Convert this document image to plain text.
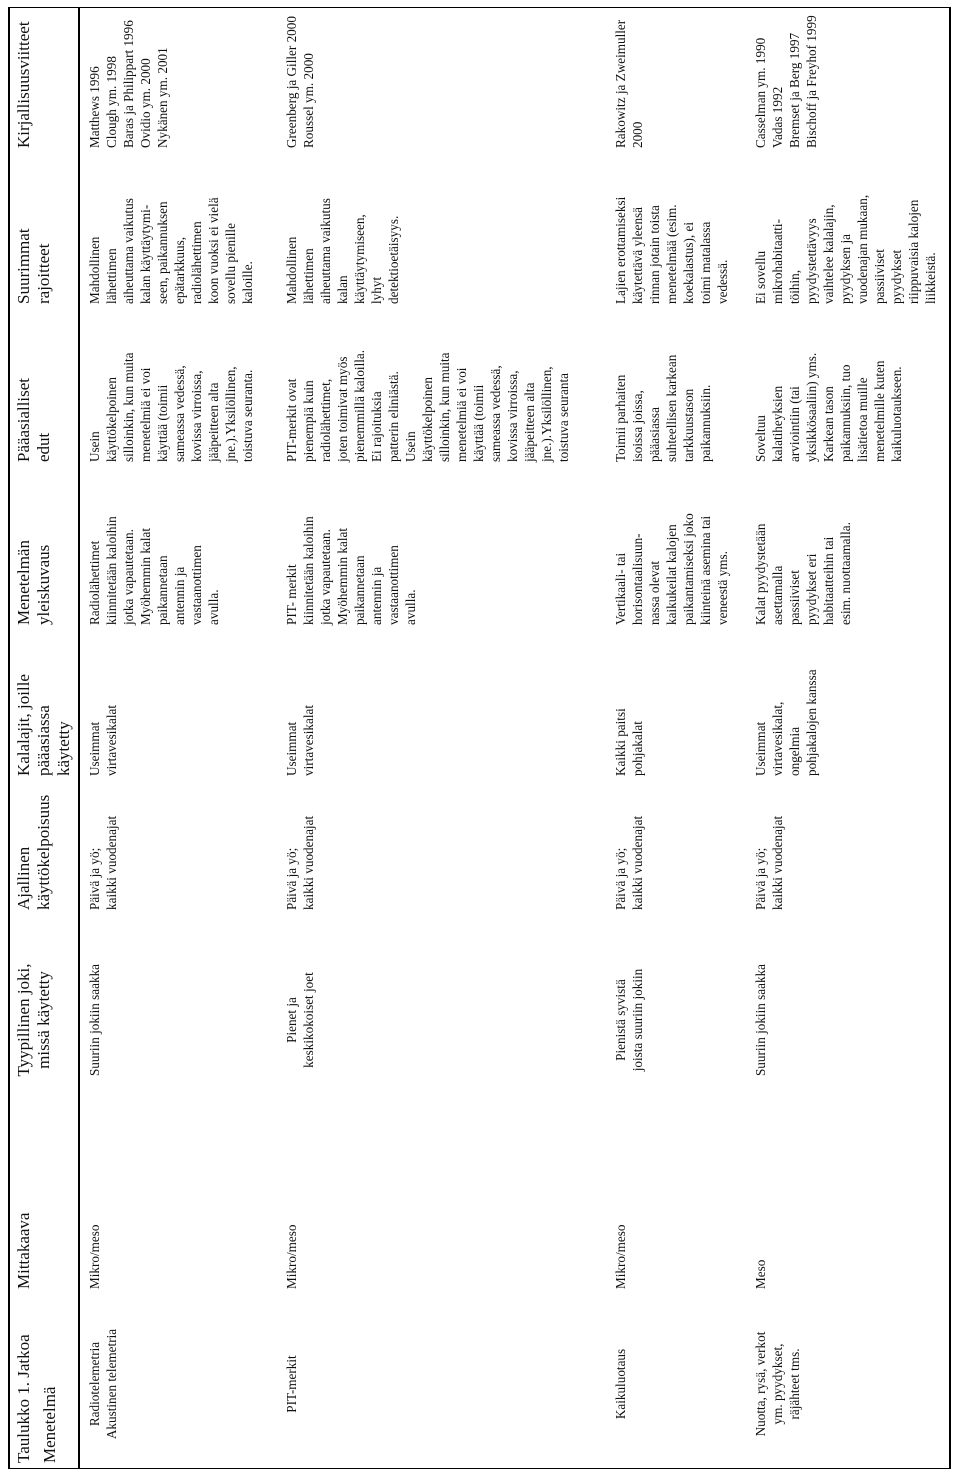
Taulukko 1. Jatkoa Menetelmä
Mittakaava
Tyypillinen joki,
missä käytetty
Ajallinen
käyttökelpoisuus
Kalalajit, joille
pääasiassa
käytetty
Menetelmän
yleiskuvaus
Pääasialliset
edut
Suurimmat
rajoitteet
Kirjallisuusviitteet
Radiotelemetria
Akustinen telemetria
Mikro/meso
Suuriin jokiin saakka
Päivä ja yö;
kaikki vuodenajat
Useimmat
virtavesikalat
Radiolähettimet
kiinnitetään kaloihin
jotka vapautetaan.
Myöhemmin kalat
paikannetaan
antennin ja
vastaanottimen
avulla.
Usein
käyttökelpoinen
silloinkin, kun muita
menetelmiä ei voi
käyttää (toimii
sameassa vedessä,
kovissa virroissa,
jääpeitteen alta
jne.).Yksilöllinen,
toistuva seuranta.
Mahdollinen
lähettimen
aiheuttama vaikutus
kalan käyttäytymi-
seen, paikannuksen
epätarkkuus,
radiolähettimen
koon vuoksi ei vielä
sovellu pienille
kaloille.
Matthews 1996
Clough ym. 1998
Baras ja Philippart 1996
Ovidio ym. 2000
Nykänen ym. 2001
PIT-merkit
Mikro/meso
Pienet ja
keskikokoiset joet
Päivä ja yö;
kaikki vuodenajat
Useimmat
virtavesikalat
PIT- merkit
kiinnitetään kaloihin
jotka vapautetaan.
Myöhemmin kalat
paikannetaan
antennin ja
vastaanottimen
avulla.
PIT-merkit ovat
pienempiä kuin
radiolähettimet,
joten toimivat myös
pienemmillä kaloilla.
Ei rajoituksia
patterin eliniästä.
Usein
käyttökelpoinen
silloinkin, kun muita
menetelmiä ei voi
käyttää (toimii
sameassa vedessä,
kovissa virroissa,
jääpeitteen alta
jne.).Yksilöllinen,
toistuva seuranta
Mahdollinen
lähettimen
aiheuttama vaikutus
kalan
käyttäytymiseen,
lyhyt
detektioetäisyys.
Greenberg ja Giller 2000
Roussel ym. 2000
Kaikuluotaus
Mikro/meso
Pienistä syvistä
joista suuriin jokiin
Päivä ja yö;
kaikki vuodenajat
Kaikki paitsi
pohjakalat
Vertikaali- tai
horisontaalisuun-
nassa olevat
kaikukeilat kalojen
paikantamiseksi joko
kiinteinä asemina tai
veneestä yms.
Toimii parhaiten
isoissa joissa,
pääasiassa
suhteellisen karkean
tarkkuustason
paikannuksiin.
Lajien erottamiseksi
käytettävä yleensä
rinnan jotain toista
menetelmää (esim.
koekalastus), ei
toimi matalassa
vedessä.
Rakowitz ja Zweimuller
2000
Nuotta, rysä, verkot
ym. pyydykset,
räjähteet tms.
Meso
Suuriin jokiin saakka
Päivä ja yö;
kaikki vuodenajat
Useimmat
virtavesikalat,
ongelmia
pohjakalojen kanssa
Kalat pyydystetään
asettamalla
passiiviset
pyydykset eri
habitaatteihin tai
esim. nuottaamalla.
Soveltuu
kalatiheyksien
arviointiin (tai
yksikkösaaliin) yms.
Karkean tason
paikannuksiin, tuo
lisätietoa muille
menetelmille kuten
kaikuluotaukseen.
Ei sovellu
mikrohabitaatti-
töihin,
pyydystettävyys
vaihtelee kalalajin,
pyydyksen ja
vuodenajan mukaan,
passiiviset
pyydykset
riippuvaisia kalojen
liikkeistä.
Casselman ym. 1990
Vadas 1992
Bremset ja Berg 1997
Bischoff ja Freyhof 1999
